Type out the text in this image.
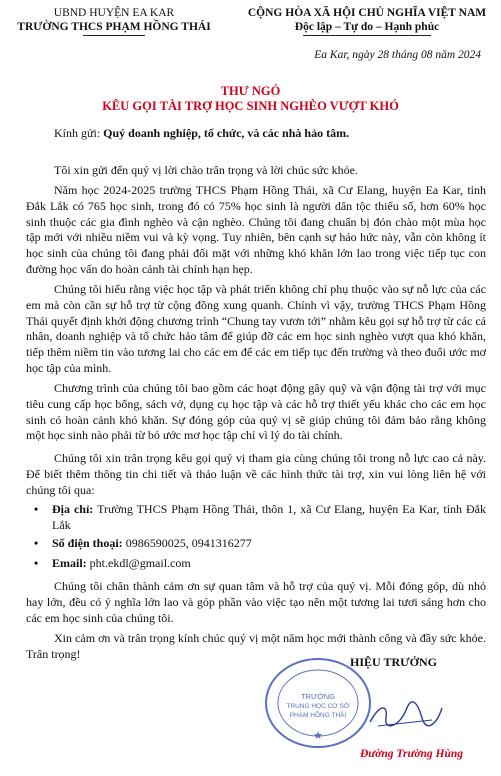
UBND HUYỆN EA KAR
TRƯỜNG THCS PHẠM HỒNG THÁI
CỘNG HÒA XÃ HỘI CHỦ NGHĨA VIỆT NAM
Độc lập – Tự do – Hạnh phúc
Ea Kar, ngày 28 tháng 08 năm 2024
THƯ NGỎ
KÊU GỌI TÀI TRỢ HỌC SINH NGHÈO VƯỢT KHÓ
Kính gửi: Quý doanh nghiệp, tổ chức, và các nhà hảo tâm.
Tôi xin gửi đến quý vị lời chào trân trọng và lời chúc sức khỏe.
Năm học 2024-2025 trường THCS Phạm Hồng Thái, xã Cư Elang, huyện Ea Kar, tỉnh Đắk Lắk có 765 học sinh, trong đó có 75% học sinh là người dân tộc thiểu số, hơn 60% học sinh thuộc các gia đình nghèo và cận nghèo. Chúng tôi đang chuẩn bị đón chào một mùa học tập mới với nhiều niềm vui và kỳ vọng. Tuy nhiên, bên cạnh sự háo hức này, vẫn còn không ít học sinh của chúng tôi đang phải đối mặt với những khó khăn lớn lao trong việc tiếp tục con đường học vấn do hoàn cảnh tài chính hạn hẹp.
Chúng tôi hiểu rằng việc học tập và phát triển không chỉ phụ thuộc vào sự nỗ lực của các em mà còn cần sự hỗ trợ từ cộng đồng xung quanh. Chính vì vậy, trường THCS Phạm Hồng Thái quyết định khởi động chương trình “Chung tay vươn tới” nhằm kêu gọi sự hỗ trợ từ các cá nhân, doanh nghiệp và tổ chức hảo tâm để giúp đỡ các em học sinh nghèo vượt qua khó khăn, tiếp thêm niềm tin vào tương lai cho các em để các em tiếp tục đến trường và theo đuổi ước mơ học tập của mình.
Chương trình của chúng tôi bao gồm các hoạt động gây quỹ và vận động tài trợ với mục tiêu cung cấp học bổng, sách vở, dụng cụ học tập và các hỗ trợ thiết yếu khác cho các em học sinh có hoàn cảnh khó khăn. Sự đóng góp của quý vị sẽ giúp chúng tôi đảm bảo rằng không một học sinh nào phải từ bỏ ước mơ học tập chỉ vì lý do tài chính.
Chúng tôi xin trân trọng kêu gọi quý vị tham gia cùng chúng tôi trong nỗ lực cao cả này. Để biết thêm thông tin chi tiết và thảo luận về các hình thức tài trợ, xin vui lòng liên hệ với chúng tôi qua:
•	Địa chỉ: Trường THCS Phạm Hồng Thái, thôn 1, xã Cư Elang, huyện Ea Kar, tỉnh Đắk Lắk
•	Số điện thoại: 0986590025, 0941316277
•	Email: pht.ekdl@gmail.com
Chúng tôi chân thành cảm ơn sự quan tâm và hỗ trợ của quý vị. Mỗi đóng góp, dù nhỏ hay lớn, đều có ý nghĩa lớn lao và góp phần vào việc tạo nên một tương lai tươi sáng hơn cho các em học sinh của chúng tôi.
Xin cảm ơn và trân trọng kính chúc quý vị một năm học mới thành công và đầy sức khỏe. Trân trọng!
TRƯỜNG
TRUNG HỌC CƠ SỞ
PHẠM HỒNG THÁI
★
HIỆU TRƯỞNG
Đường Trường Hùng
